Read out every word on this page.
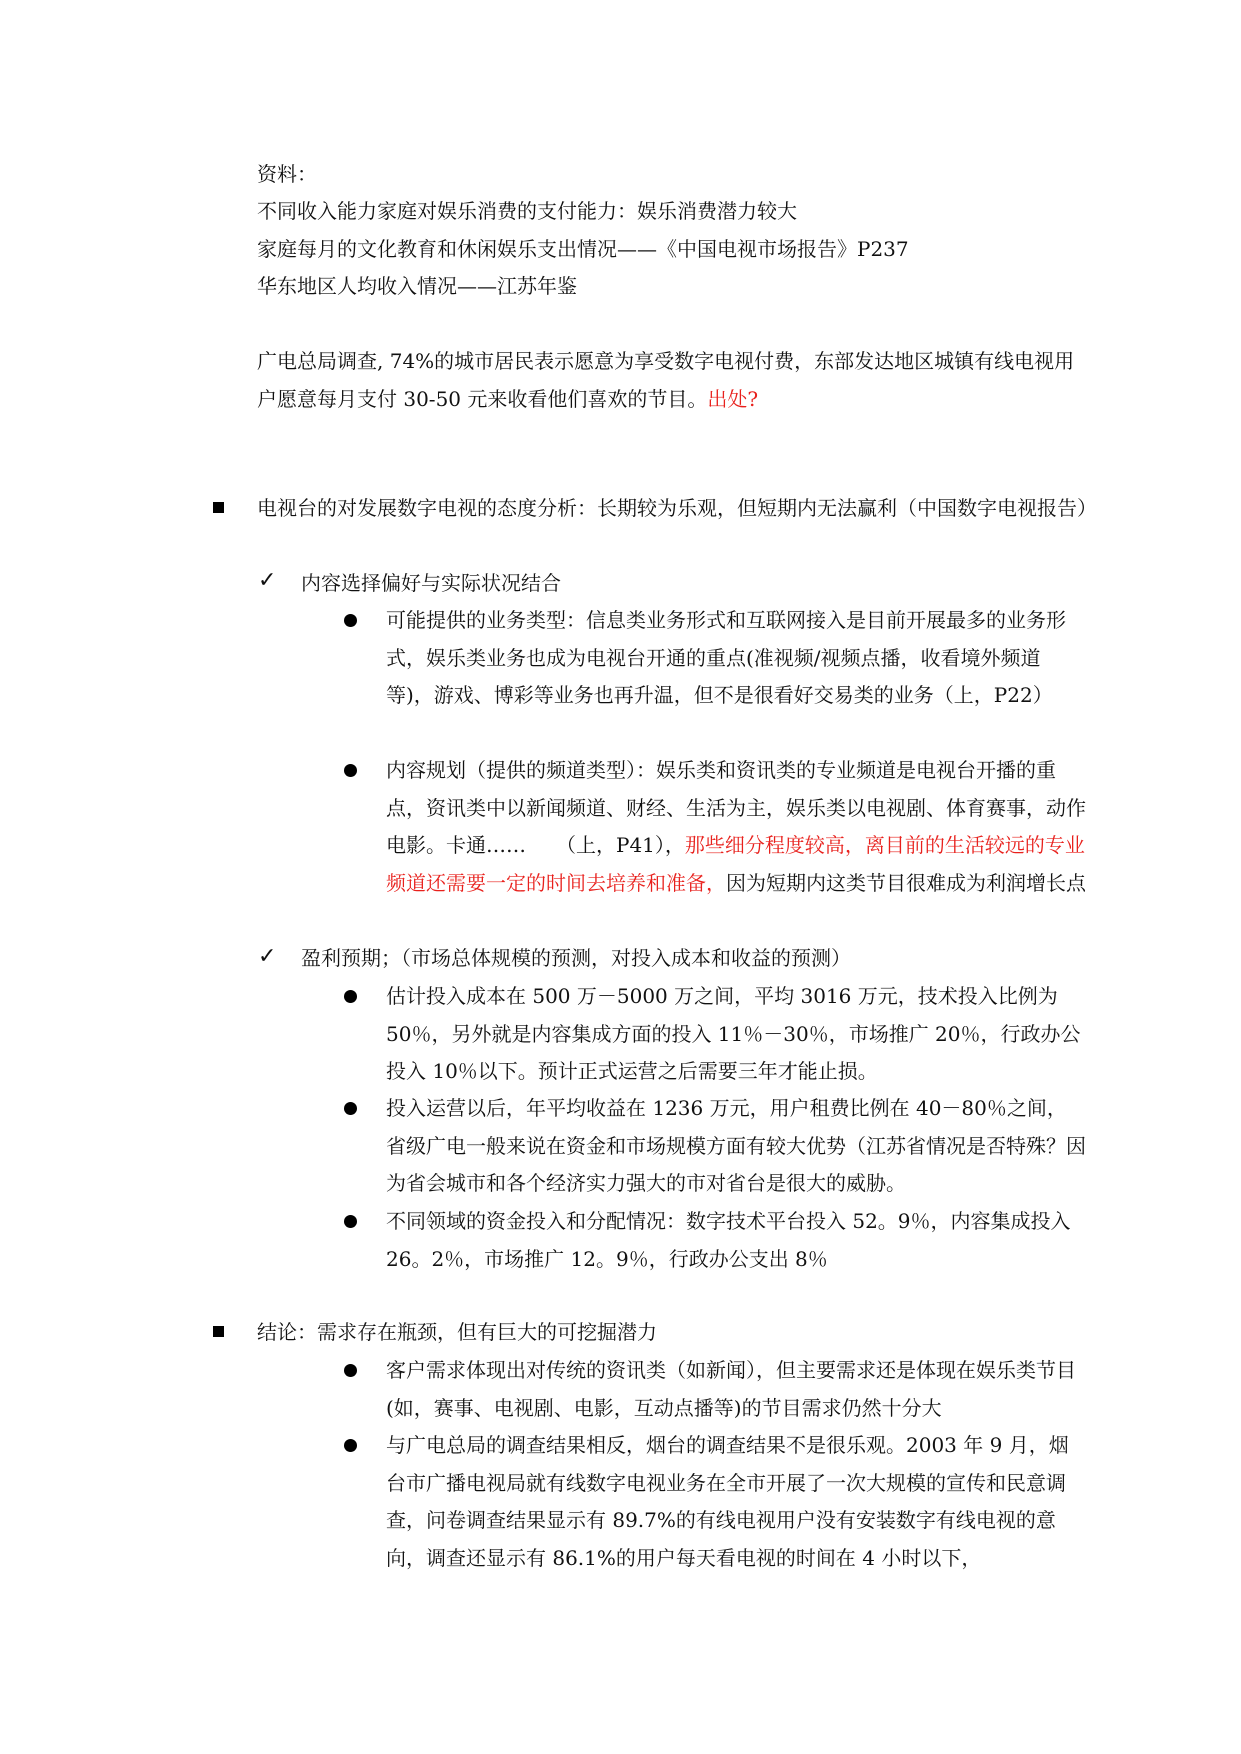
资料：

不同收入能力家庭对娱乐消费的支付能力：娱乐消费潜力较大

家庭每月的文化教育和休闲娱乐支出情况——《中国电视市场报告》P237

华东地区人均收入情况——江苏年鉴

广电总局调查, 74%的城市居民表示愿意为享受数字电视付费，东部发达地区城镇有线电视用户愿意每月支付 30-50 元来收看他们喜欢的节目。出处?

电视台的对发展数字电视的态度分析：长期较为乐观，但短期内无法赢利（中国数字电视报告）

✓ 内容选择偏好与实际状况结合

可能提供的业务类型：信息类业务形式和互联网接入是目前开展最多的业务形式，娱乐类业务也成为电视台开通的重点(准视频/视频点播，收看境外频道等)，游戏、博彩等业务也再升温，但不是很看好交易类的业务（上，P22）

内容规划（提供的频道类型）：娱乐类和资讯类的专业频道是电视台开播的重点，资讯类中以新闻频道、财经、生活为主，娱乐类以电视剧、体育赛事，动作电影。卡通……　　（上，P41），那些细分程度较高，离目前的生活较远的专业频道还需要一定的时间去培养和准备，因为短期内这类节目很难成为利润增长点

✓ 盈利预期；（市场总体规模的预测，对投入成本和收益的预测）

估计投入成本在 500 万－5000 万之间，平均 3016 万元，技术投入比例为 50％，另外就是内容集成方面的投入 11％－30％，市场推广 20％，行政办公投入 10％以下。预计正式运营之后需要三年才能止损。

投入运营以后，年平均收益在 1236 万元，用户租费比例在 40－80％之间，省级广电一般来说在资金和市场规模方面有较大优势（江苏省情况是否特殊？因为省会城市和各个经济实力强大的市对省台是很大的威胁。

不同领域的资金投入和分配情况：数字技术平台投入 52。9％，内容集成投入 26。2％，市场推广 12。9％，行政办公支出 8％

结论：需求存在瓶颈，但有巨大的可挖掘潜力

客户需求体现出对传统的资讯类（如新闻），但主要需求还是体现在娱乐类节目(如，赛事、电视剧、电影，互动点播等)的节目需求仍然十分大

与广电总局的调查结果相反，烟台的调查结果不是很乐观。2003 年 9 月，烟台市广播电视局就有线数字电视业务在全市开展了一次大规模的宣传和民意调查，问卷调查结果显示有 89.7%的有线电视用户没有安装数字有线电视的意向，调查还显示有 86.1%的用户每天看电视的时间在 4 小时以下，
